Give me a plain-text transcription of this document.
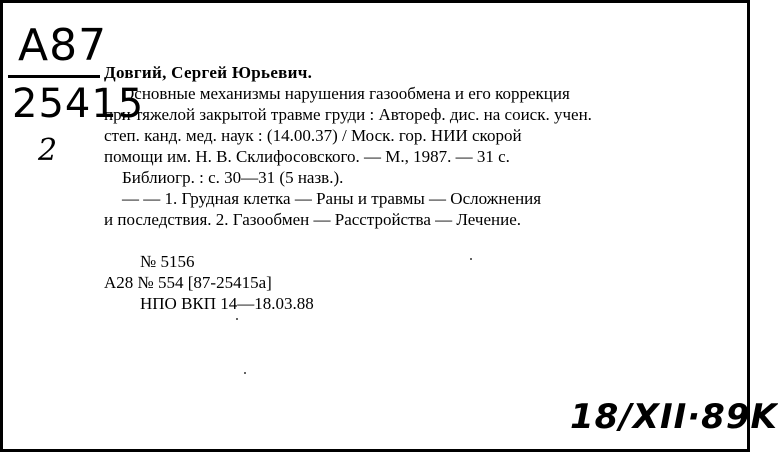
А87
25415
2
Довгий, Сергей Юрьевич.
Основные механизмы нарушения газообмена и его коррекция
при тяжелой закрытой травме груди : Автореф. дис. на соиск. учен.
степ. канд. мед. наук : (14.00.37) / Моск. гор. НИИ скорой
помощи им. Н. В. Склифосовского. — М., 1987. — 31 с.
Библиогр. : с. 30—31 (5 назв.).
— — 1. Грудная клетка — Раны и травмы — Осложнения
и последствия. 2. Газообмен — Расстройства — Лечение.
№ 5156
А28 № 554 [87-25415а]
НПО ВКП 14—18.03.88
18/XII·89K
